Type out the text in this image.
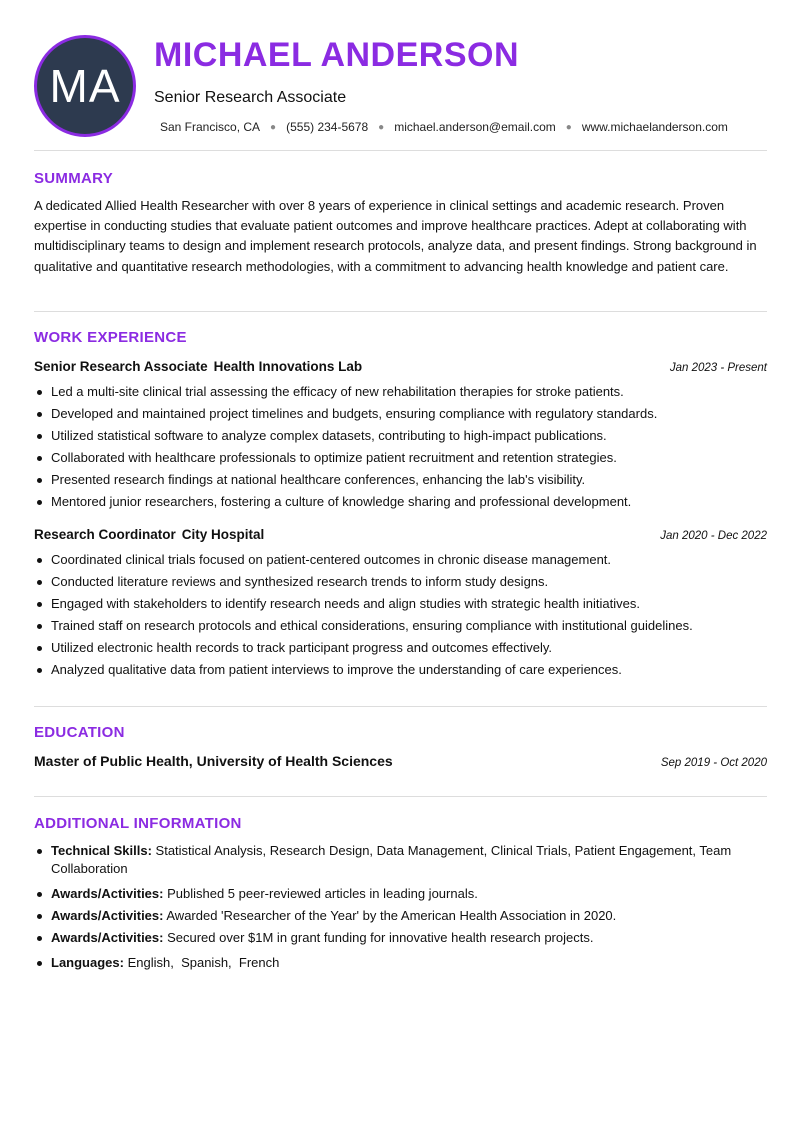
MA
MICHAEL ANDERSON
Senior Research Associate
San Francisco, CA ● (555) 234-5678 ● michael.anderson@email.com ● www.michaelanderson.com
SUMMARY

A dedicated Allied Health Researcher with over 8 years of experience in clinical settings and academic research. Proven expertise in conducting studies that evaluate patient outcomes and improve healthcare practices. Adept at collaborating with multidisciplinary teams to design and implement research protocols, analyze data, and present findings. Strong background in qualitative and quantitative research methodologies, with a commitment to advancing health knowledge and patient care.

WORK EXPERIENCE
Senior Research Associate Health Innovations Lab	Jan 2023 - Present
Led a multi-site clinical trial assessing the efficacy of new rehabilitation therapies for stroke patients.
Developed and maintained project timelines and budgets, ensuring compliance with regulatory standards.
Utilized statistical software to analyze complex datasets, contributing to high-impact publications.
Collaborated with healthcare professionals to optimize patient recruitment and retention strategies.
Presented research findings at national healthcare conferences, enhancing the lab's visibility.
Mentored junior researchers, fostering a culture of knowledge sharing and professional development.
Research Coordinator City Hospital	Jan 2020 - Dec 2022
Coordinated clinical trials focused on patient-centered outcomes in chronic disease management.
Conducted literature reviews and synthesized research trends to inform study designs.
Engaged with stakeholders to identify research needs and align studies with strategic health initiatives.
Trained staff on research protocols and ethical considerations, ensuring compliance with institutional guidelines.
Utilized electronic health records to track participant progress and outcomes effectively.
Analyzed qualitative data from patient interviews to improve the understanding of care experiences.
EDUCATION
Master of Public Health, University of Health Sciences	Sep 2019 - Oct 2020
ADDITIONAL INFORMATION
Technical Skills: Statistical Analysis, Research Design, Data Management, Clinical Trials, Patient Engagement, Team Collaboration
Awards/Activities: Published 5 peer-reviewed articles in leading journals.
Awards/Activities: Awarded 'Researcher of the Year' by the American Health Association in 2020.
Awards/Activities: Secured over $1M in grant funding for innovative health research projects.
Languages: English,  Spanish,  French
